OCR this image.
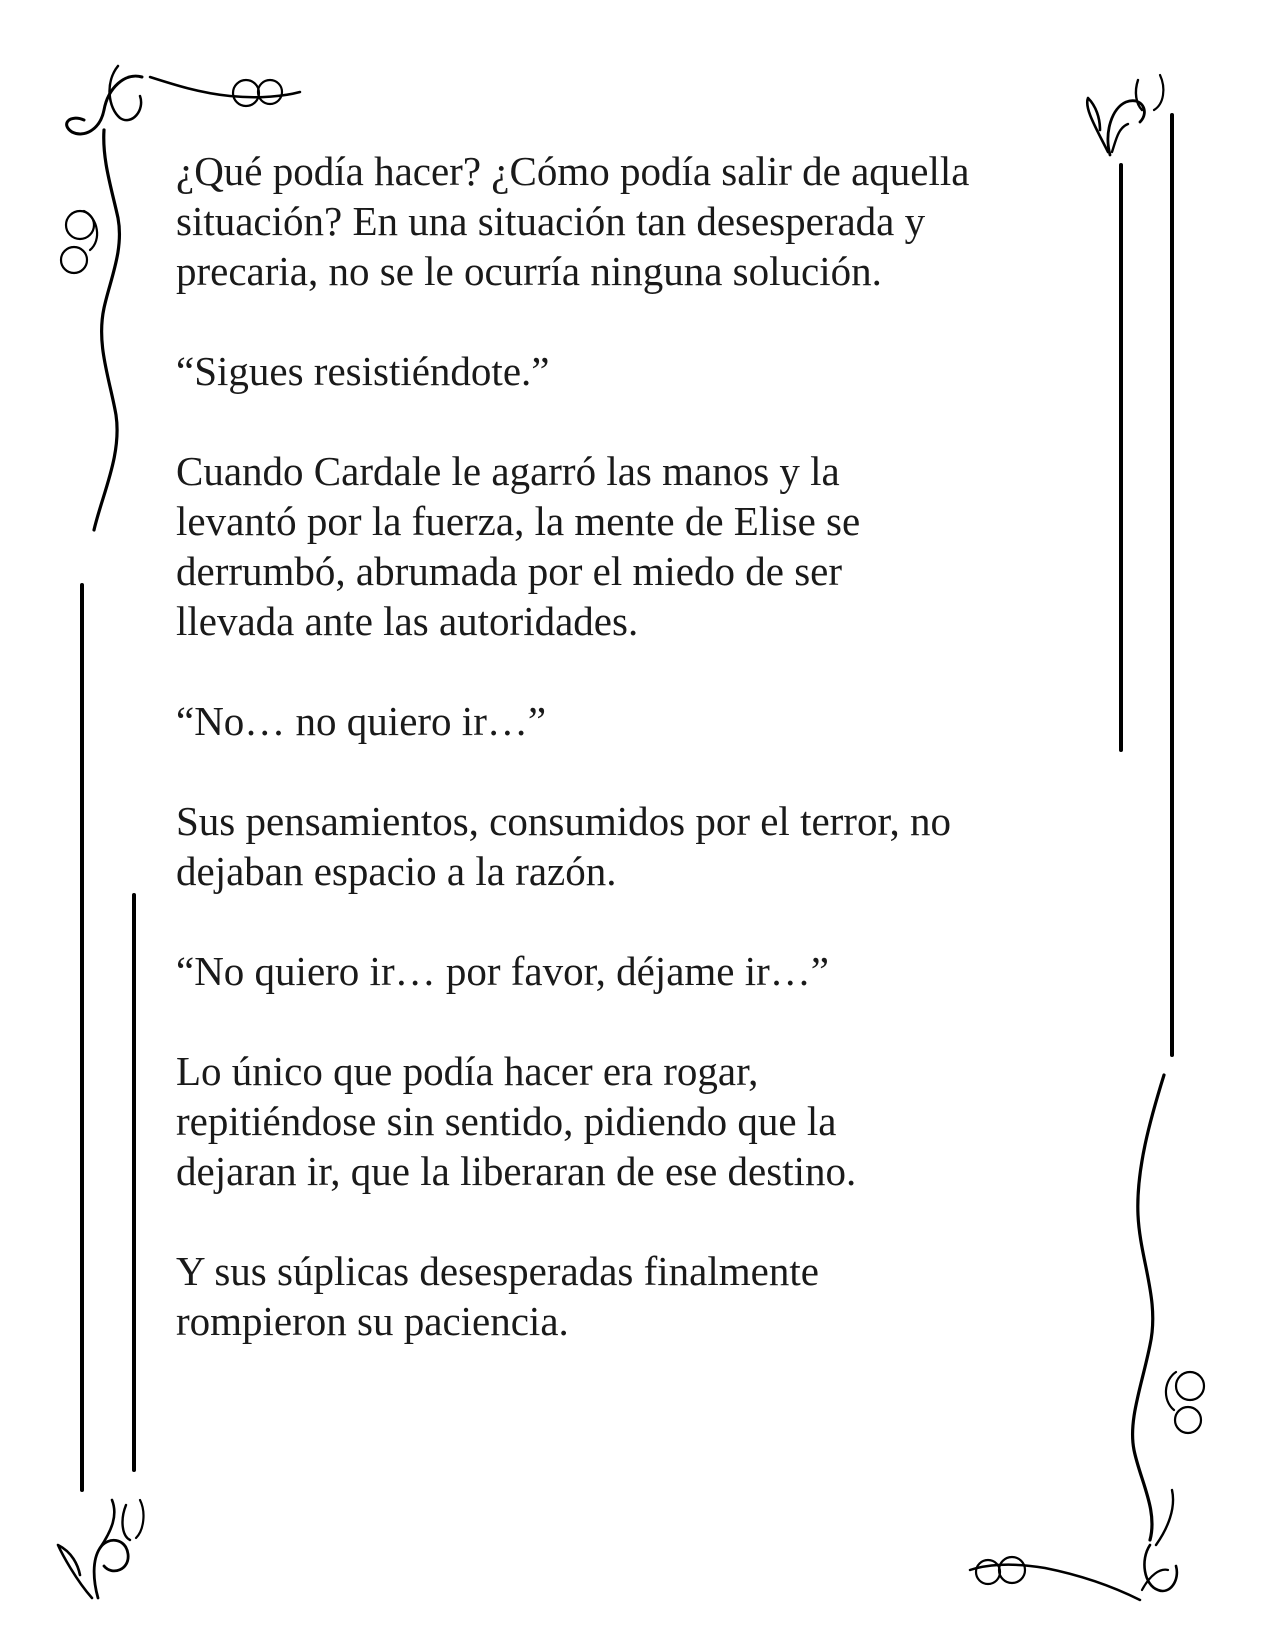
¿Qué podía hacer? ¿Cómo podía salir de aquella
situación? En una situación tan desesperada y
precaria, no se le ocurría ninguna solución.

“Sigues resistiéndote.”

Cuando Cardale le agarró las manos y la
levantó por la fuerza, la mente de Elise se
derrumbó, abrumada por el miedo de ser
llevada ante las autoridades.

“No… no quiero ir…”

Sus pensamientos, consumidos por el terror, no
dejaban espacio a la razón.

“No quiero ir… por favor, déjame ir…”

Lo único que podía hacer era rogar,
repitiéndose sin sentido, pidiendo que la
dejaran ir, que la liberaran de ese destino.

Y sus súplicas desesperadas finalmente
rompieron su paciencia.
